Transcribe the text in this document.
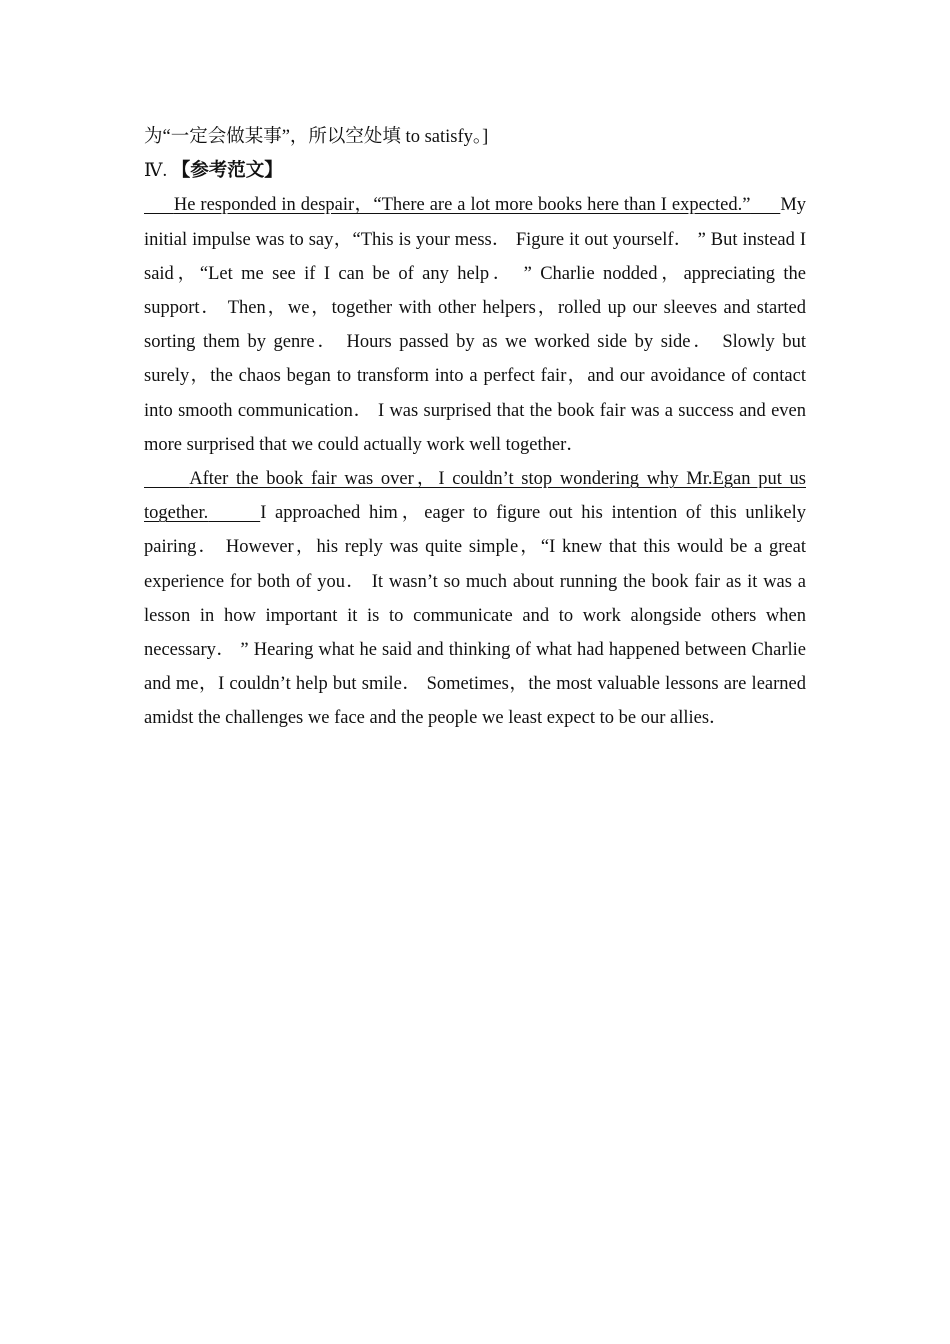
为“一定会做某事”，所以空处填 to satisfy。]

Ⅳ. 【参考范文】

He responded in despair，“There are a lot more books here than I expected.” My initial impulse was to say，“This is your mess． Figure it out yourself． ” But instead I said，“Let me see if I can be of any help． ” Charlie nodded，appreciating the support． Then，we，together with other helpers，rolled up our sleeves and started sorting them by genre． Hours passed by as we worked side by side． Slowly but surely，the chaos began to transform into a perfect fair，and our avoidance of contact into smooth communication． I was surprised that the book fair was a success and even more surprised that we could actually work well together．

After the book fair was over，I couldn’t stop wondering why Mr.Egan put us together.	I approached him，eager to figure out his intention of this unlikely pairing． However，his reply was quite simple，“I knew that this would be a great experience for both of you． It wasn’t so much about running the book fair as it was a lesson in how important it is to communicate and to work alongside others when necessary． ” Hearing what he said and thinking of what had happened between Charlie and me，I couldn’t help but smile． Sometimes，the most valuable lessons are learned amidst the challenges we face and the people we least expect to be our allies．
